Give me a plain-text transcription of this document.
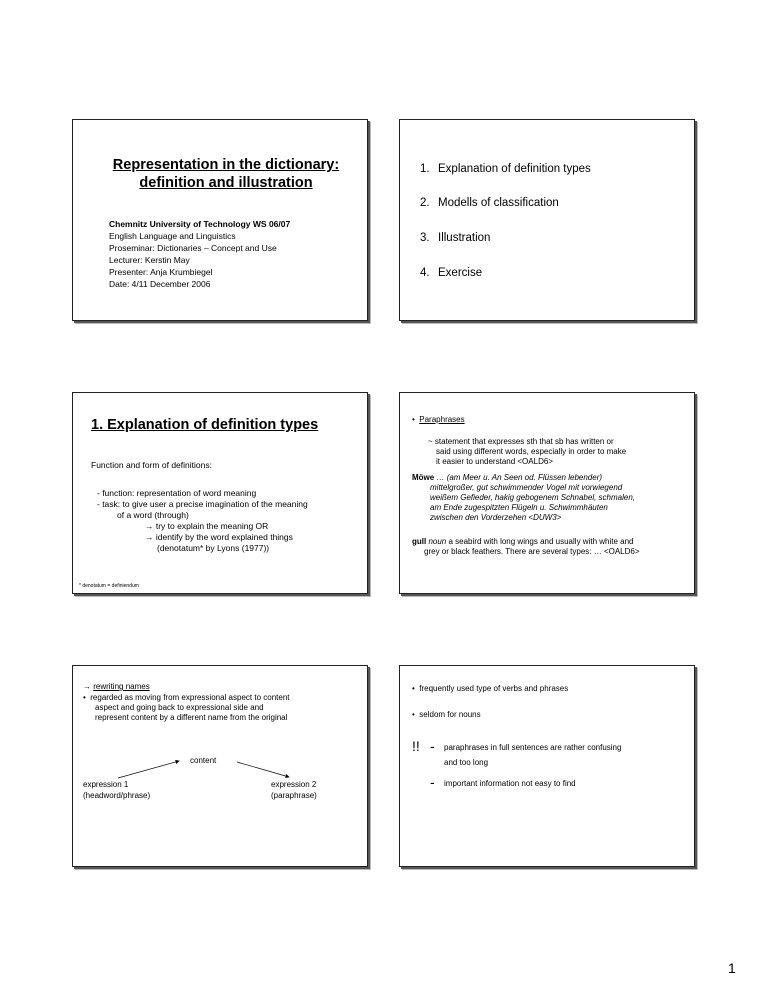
Representation in the dictionary:
definition and illustration
Chemnitz University of Technology WS 06/07
English Language and Linguistics
Proseminar: Dictionaries – Concept and Use
Lecturer: Kerstin May
Presenter: Anja Krumbiegel
Date: 4/11 December 2006
1. Explanation of definition types
2. Modells of classification
3. Illustration
4. Exercise
1. Explanation of definition types
Function and form of definitions:
- function: representation of word meaning
- task: to give user a precise imagination of the meaning
of a word (through)
→ try to explain the meaning OR
→ identify by the word explained things
(denotatum* by Lyons (1977))
* denotatum = definiendum
• Paraphrases
~ statement that expresses sth that sb has written or
said using different words, especially in order to make
it easier to understand <OALD6>
Möwe … (am Meer u. An Seen od. Flüssen lebender)
mittelgroßer, gut schwimmender Vogel mit vorwiegend
weißem Gefieder, hakig gebogenem Schnabel, schmalen,
am Ende zugespitzten Flügeln u. Schwimmhäuten
zwischen den Vorderzehen <DUW3>
gull noun a seabird with long wings and usually with white and
grey or black feathers. There are several types: … <OALD6>
→ rewriting names
• regarded as moving from expressional aspect to content
aspect and going back to expressional side and
represent content by a different name from the original
content
expression 1
(headword/phrase)
expression 2
(paraphrase)
• frequently used type of verbs and phrases
• seldom for nouns
!! - paraphrases in full sentences are rather confusing
and too long
- important information not easy to find
1
